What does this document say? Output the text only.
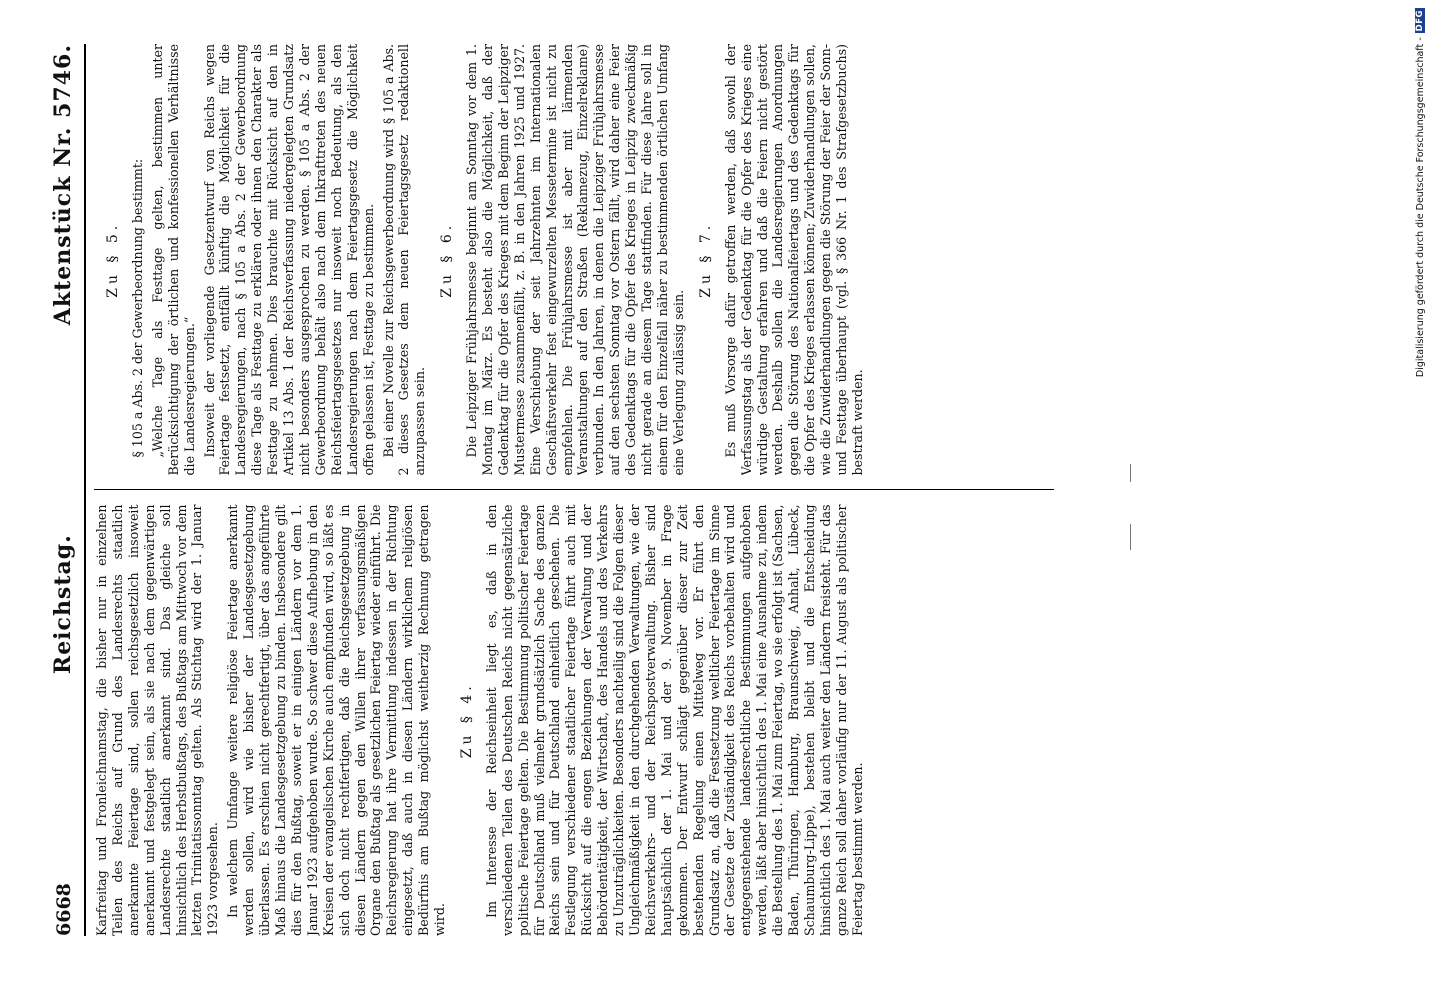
6668
Reichstag.
Aktenstück Nr. 5746.

Karfreitag und Fronleichnamstag, die bisher nur in einzelnen Teilen des Reichs auf Grund des Landesrechts staatlich anerkannte Feiertage sind, sollen reichsgesetzlich insoweit anerkannt und festgelegt sein, als sie nach dem gegenwärtigen Landesrechte staatlich anerkannt sind. Das gleiche soll hinsichtlich des Herbstbußtags, des Bußtags am Mittwoch vor dem letzten Trinitatissonntag gelten. Als Stichtag wird der 1. Januar 1923 vorgesehen. In welchem Umfange weitere religiöse Feiertage anerkannt werden sollen, wird wie bisher der Landesgesetzgebung überlassen. Es erschien nicht gerechtfertigt, über das angeführte Maß hinaus die Landesgesetzgebung zu binden. Insbesondere gilt dies für den Bußtag, soweit er in einigen Ländern vor dem 1. Januar 1923 aufgehoben wurde. So schwer diese Aufhebung in den Kreisen der evangelischen Kirche auch empfunden wird, so läßt es sich doch nicht rechtfertigen, daß die Reichsgesetzgebung in diesen Ländern gegen den Willen ihrer verfassungsmäßigen Organe den Bußtag als gesetzlichen Feiertag wieder einführt. Die Reichsregierung hat ihre Vermittlung indessen in der Richtung eingesetzt, daß auch in diesen Ländern wirklichem religiösen Bedürfnis am Bußtag möglichst weitherzig Rechnung getragen wird.

Zu § 4. Im Interesse der Reichseinheit liegt es, daß in den verschiedenen Teilen des Deutschen Reichs nicht gegensätzliche politische Feiertage gelten. Die Bestimmung politischer Feiertage für Deutschland muß vielmehr grundsätzlich Sache des ganzen Reichs sein und für Deutschland einheitlich geschehen. Die Festlegung verschiedener staatlicher Feiertage führt auch mit Rücksicht auf die engen Beziehungen der Verwaltung und der Behördentätigkeit, der Wirtschaft, des Handels und des Verkehrs zu Unzuträglichkeiten. Besonders nachteilig sind die Folgen dieser Ungleichmäßigkeit in den durchgehenden Verwaltungen, wie der Reichsverkehrs- und der Reichspostverwaltung. Bisher sind hauptsächlich der 1. Mai und der 9. November in Frage gekommen. Der Entwurf schlägt gegenüber dieser zur Zeit bestehenden Regelung einen Mittelweg vor. Er führt den Grundsatz an, daß die Festsetzung weltlicher Feiertage im Sinne der Gesetze der Zuständigkeit des Reichs vorbehalten wird und entgegenstehende landesrechtliche Bestimmungen aufgehoben werden, läßt aber hinsichtlich des 1. Mai eine Ausnahme zu, indem die Bestellung des 1. Mai zum Feiertag, wo sie erfolgt ist (Sachsen, Baden, Thüringen, Hamburg, Braunschweig, Anhalt, Lübeck, Schaumburg-Lippe), bestehen bleibt und die Entscheidung hinsichtlich des 1. Mai auch weiter den Ländern freisteht. Für das ganze Reich soll daher vorläufig nur der 11. August als politischer Feiertag bestimmt werden.

Zu § 5. § 105 a Abs. 2 der Gewerbeordnung bestimmt: „Welche Tage als Festtage gelten, bestimmen unter Berücksichtigung der örtlichen und konfessionellen Verhältnisse die Landesregierungen.“ Insoweit der vorliegende Gesetzentwurf von Reichs wegen Feiertage festsetzt, entfällt künftig die Möglichkeit für die Landesregierungen, nach § 105 a Abs. 2 der Gewerbeordnung diese Tage als Festtage zu erklären oder ihnen den Charakter als Festtage zu nehmen. Dies brauchte mit Rücksicht auf den in Artikel 13 Abs. 1 der Reichsverfassung niedergelegten Grundsatz nicht besonders ausgesprochen zu werden. § 105 a Abs. 2 der Gewerbeordnung behält also nach dem Inkrafttreten des neuen Reichsfeiertagsgesetzes nur insoweit noch Bedeutung, als den Landesregierungen nach dem Feiertagsgesetz die Möglichkeit offen gelassen ist, Festtage zu bestimmen. Bei einer Novelle zur Reichsgewerbeordnung wird § 105 a Abs. 2 dieses Gesetzes dem neuen Feiertagsgesetz redaktionell anzupassen sein.

Zu § 6. Die Leipziger Frühjahrsmesse beginnt am Sonntag vor dem 1. Montag im März. Es besteht also die Möglichkeit, daß der Gedenktag für die Opfer des Krieges mit dem Beginn der Leipziger Mustermesse zusammenfällt, z. B. in den Jahren 1925 und 1927. Eine Verschiebung der seit Jahrzehnten im Internationalen Geschäftsverkehr fest eingewurzelten Messetermine ist nicht zu empfehlen. Die Frühjahrsmesse ist aber mit lärmenden Veranstaltungen auf den Straßen (Reklamezug, Einzelreklame) verbunden. In den Jahren, in denen die Leipziger Frühjahrsmesse auf den sechsten Sonntag vor Ostern fällt, wird daher eine Feier des Gedenktags für die Opfer des Krieges in Leipzig zweckmäßig nicht gerade an diesem Tage stattfinden. Für diese Jahre soll in einem für den Einzelfall näher zu bestimmenden örtlichen Umfang eine Verlegung zulässig sein.

Zu § 7. Es muß Vorsorge dafür getroffen werden, daß sowohl der Verfassungstag als der Gedenktag für die Opfer des Krieges eine würdige Gestaltung erfahren und daß die Feiern nicht gestört werden. Deshalb sollen die Landesregierungen Anordnungen gegen die Störung des Nationalfeiertags und des Gedenktags für die Opfer des Krieges erlassen können; Zuwiderhandlungen sollen, wie die Zuwiderhandlungen gegen die Störung der Feier der Sonn- und Festtage überhaupt (vgl. § 366 Nr. 1 des Strafgesetzbuchs) bestraft werden.

Digitalisierung gefördert durch die Deutsche Forschungsgemeinschaft -
DFG
